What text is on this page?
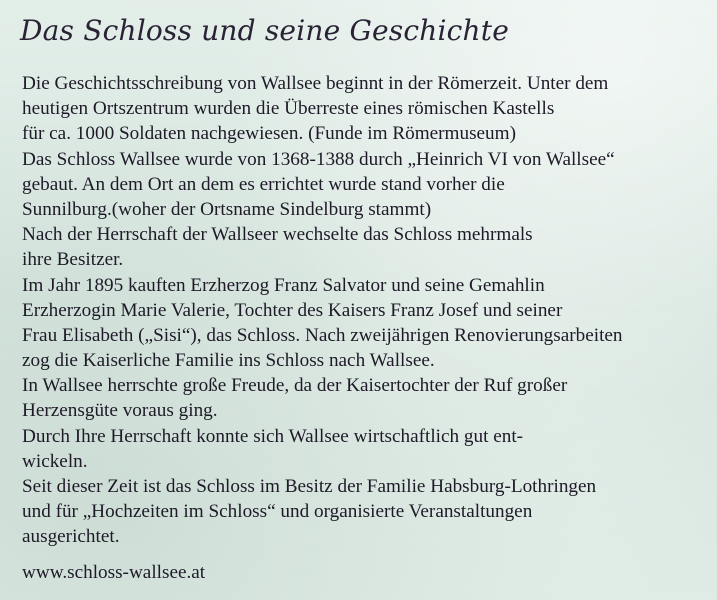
Das Schloss und seine Geschichte
Die Geschichtsschreibung von Wallsee beginnt in der Römerzeit. Unter dem
heutigen Ortszentrum wurden die Überreste eines römischen Kastells
für ca. 1000 Soldaten nachgewiesen. (Funde im Römermuseum)
Das Schloss Wallsee wurde von 1368-1388 durch „Heinrich VI von Wallsee“
gebaut. An dem Ort an dem es errichtet wurde stand vorher die
Sunnilburg.(woher der Ortsname Sindelburg stammt)
Nach der Herrschaft der Wallseer wechselte das Schloss mehrmals
ihre Besitzer.
Im Jahr 1895 kauften Erzherzog Franz Salvator und seine Gemahlin
Erzherzogin Marie Valerie, Tochter des Kaisers Franz Josef und seiner
Frau Elisabeth („Sisi“), das Schloss. Nach zweijährigen Renovierungsarbeiten
zog die Kaiserliche Familie ins Schloss nach Wallsee.
In Wallsee herrschte große Freude, da der Kaisertochter der Ruf großer
Herzensgüte voraus ging.
Durch Ihre Herrschaft konnte sich Wallsee wirtschaftlich gut ent-
wickeln.
Seit dieser Zeit ist das Schloss im Besitz der Familie Habsburg-Lothringen
und für „Hochzeiten im Schloss“ und organisierte Veranstaltungen
ausgerichtet.
www.schloss-wallsee.at
